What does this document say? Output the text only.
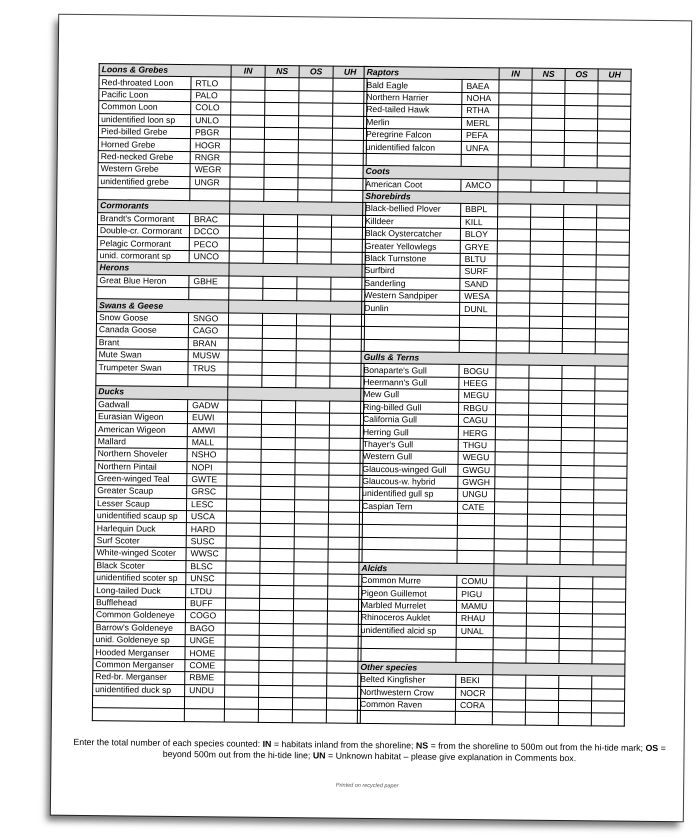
Loons & Grebes		IN	NS	OS	UH
Red-throated Loon	RTLO				
Pacific Loon	PALO				
Common Loon	COLO				
unidentified loon sp	UNLO				
Pied-billed Grebe	PBGR				
Horned Grebe	HOGR				
Red-necked Grebe	RNGR				
Western Grebe	WEGR				
unidentified grebe	UNGR				

Cormorants					
Brandt's Cormorant	BRAC				
Double-cr. Cormorant	DCCO				
Pelagic Cormorant	PECO				
unid. cormorant sp	UNCO				
Herons					
Great Blue Heron	GBHE				

Swans & Geese					
Snow Goose	SNGO				
Canada Goose	CAGO				
Brant	BRAN				
Mute Swan	MUSW				
Trumpeter Swan	TRUS				

Ducks					
Gadwall	GADW				
Eurasian Wigeon	EUWI				
American Wigeon	AMWI				
Mallard	MALL				
Northern Shoveler	NSHO				
Northern Pintail	NOPI				
Green-winged Teal	GWTE				
Greater Scaup	GRSC				
Lesser Scaup	LESC				
unidentified scaup sp	USCA				
Harlequin Duck	HARD				
Surf Scoter	SUSC				
White-winged Scoter	WWSC				
Black Scoter	BLSC				
unidentified scoter sp	UNSC				
Long-tailed Duck	LTDU				
Bufflehead	BUFF				
Common Goldeneye	COGO				
Barrow's Goldeneye	BAGO				
unid. Goldeneye sp	UNGE				
Hooded Merganser	HOME				
Common Merganser	COME				
Red-br. Merganser	RBME				
unidentified duck sp	UNDU				

Raptors		IN	NS	OS	UH
Bald Eagle	BAEA				
Northern Harrier	NOHA				
Red-tailed Hawk	RTHA				
Merlin	MERL				
Peregrine Falcon	PEFA				
unidentified falcon	UNFA				

Coots					
American Coot	AMCO				
Shorebirds					
Black-bellied Plover	BBPL				
Killdeer	KILL				
Black Oystercatcher	BLOY				
Greater Yellowlegs	GRYE				
Black Turnstone	BLTU				
Surfbird	SURF				
Sanderling	SAND				
Western Sandpiper	WESA				
Dunlin	DUNL				

Gulls & Terns					
Bonaparte's Gull	BOGU				
Heermann's Gull	HEEG				
Mew Gull	MEGU				
Ring-billed Gull	RBGU				
California Gull	CAGU				
Herring Gull	HERG				
Thayer's Gull	THGU				
Western Gull	WEGU				
Glaucous-winged Gull	GWGU				
Glaucous-w. hybrid	GWGH				
unidentified gull sp	UNGU				
Caspian Tern	CATE				

Alcids					
Common Murre	COMU				
Pigeon Guillemot	PIGU				
Marbled Murrelet	MAMU				
Rhinoceros Auklet	RHAU				
unidentified alcid sp	UNAL				

Other species					
Belted Kingfisher	BEKI				
Northwestern Crow	NOCR				
Common Raven	CORA				

Enter the total number of each species counted: IN = habitats inland from the shoreline; NS = from the shoreline to 500m out from the hi-tide mark; OS = beyond 500m out from the hi-tide line; UN = Unknown habitat – please give explanation in Comments box.
Printed on recycled paper
